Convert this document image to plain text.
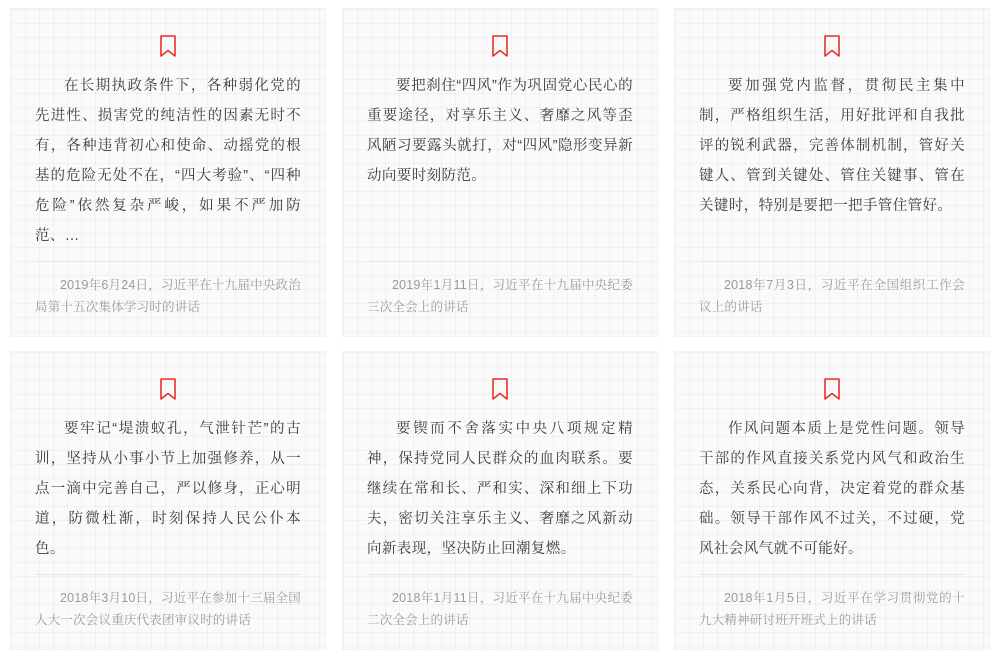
在长期执政条件下，各种弱化党的先进性、损害党的纯洁性的因素无时不有，各种违背初心和使命、动摇党的根基的危险无处不在，“四大考验”、“四种危险”依然复杂严峻，如果不严加防范、…

2019年6月24日，习近平在十九届中央政治局第十五次集体学习时的讲话

要把刹住“四风”作为巩固党心民心的重要途径，对享乐主义、奢靡之风等歪风陋习要露头就打，对“四风”隐形变异新动向要时刻防范。

2019年1月11日，习近平在十九届中央纪委三次全会上的讲话

要加强党内监督，贯彻民主集中制，严格组织生活，用好批评和自我批评的锐利武器，完善体制机制，管好关键人、管到关键处、管住关键事、管在关键时，特别是要把一把手管住管好。

2018年7月3日，习近平在全国组织工作会议上的讲话

要牢记“堤溃蚁孔，气泄针芒”的古训，坚持从小事小节上加强修养，从一点一滴中完善自己，严以修身，正心明道，防微杜渐，时刻保持人民公仆本色。

2018年3月10日，习近平在参加十三届全国人大一次会议重庆代表团审议时的讲话

要锲而不舍落实中央八项规定精神，保持党同人民群众的血肉联系。要继续在常和长、严和实、深和细上下功夫，密切关注享乐主义、奢靡之风新动向新表现，坚决防止回潮复燃。

2018年1月11日，习近平在十九届中央纪委二次全会上的讲话

作风问题本质上是党性问题。领导干部的作风直接关系党内风气和政治生态，关系民心向背，决定着党的群众基础。领导干部作风不过关，不过硬，党风社会风气就不可能好。

2018年1月5日，习近平在学习贯彻党的十九大精神研讨班开班式上的讲话
